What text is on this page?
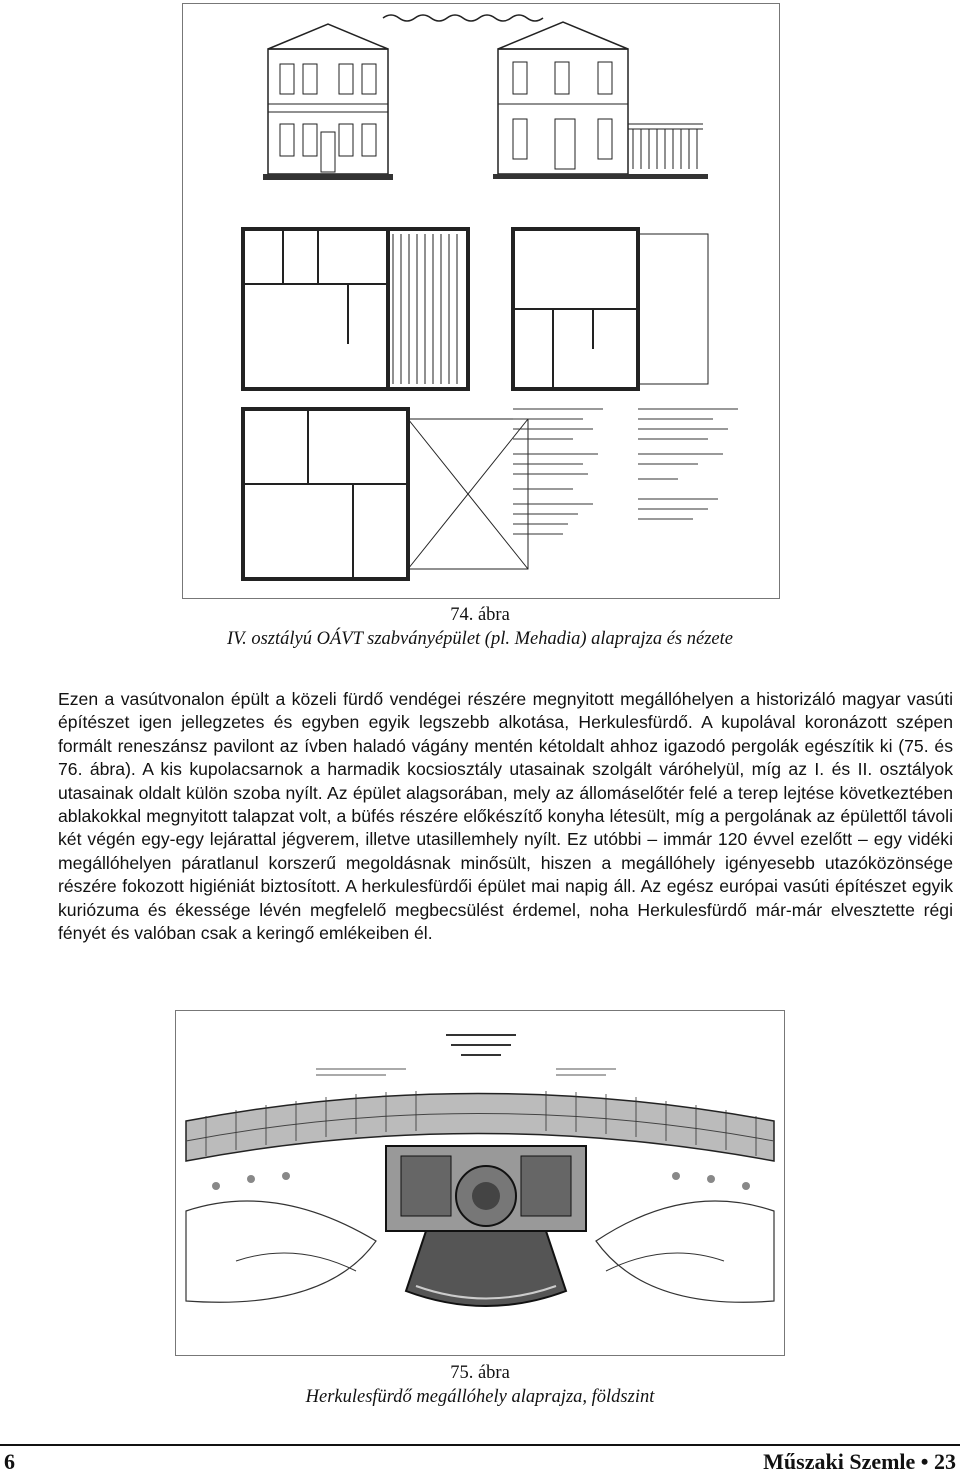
74. ábra
IV. osztályú OÁVT szabványépület (pl. Mehadia) alaprajza és nézete

Ezen a vasútvonalon épült a közeli fürdő vendégei részére megnyitott megállóhelyen a historizáló magyar vasúti építészet igen jellegzetes és egyben egyik legszebb alkotása, Herkulesfürdő. A kupolával koronázott szépen formált reneszánsz pavilont az ívben haladó vágány mentén kétoldalt ahhoz igazodó pergolák egészítik ki (75. és 76. ábra). A kis kupolacsarnok a harmadik kocsiosztály utasainak szolgált váróhelyül, míg az I. és II. osztályok utasainak oldalt külön szoba nyílt. Az épület alagsorában, mely az állomáselőtér felé a terep lejtése következtében ablakokkal megnyitott talapzat volt, a büfés részére előkészítő konyha létesült, míg a pergolának az épülettől távoli két végén egy-egy lejárattal jégverem, illetve utasillemhely nyílt. Ez utóbbi – immár 120 évvel ezelőtt – egy vidéki megállóhelyen páratlanul korszerű megoldásnak minősült, hiszen a megállóhely igényesebb utazóközönsége részére fokozott higiéniát biztosított. A herkulesfürdői épület mai napig áll. Az egész európai vasúti építészet egyik kuriózuma és ékessége lévén megfelelő megbecsülést érdemel, noha Herkulesfürdő már-már elvesztette régi fényét és valóban csak a keringő emlékeiben él.

75. ábra
Herkulesfürdő megállóhely alaprajza, földszint
6	Műszaki Szemle • 23
